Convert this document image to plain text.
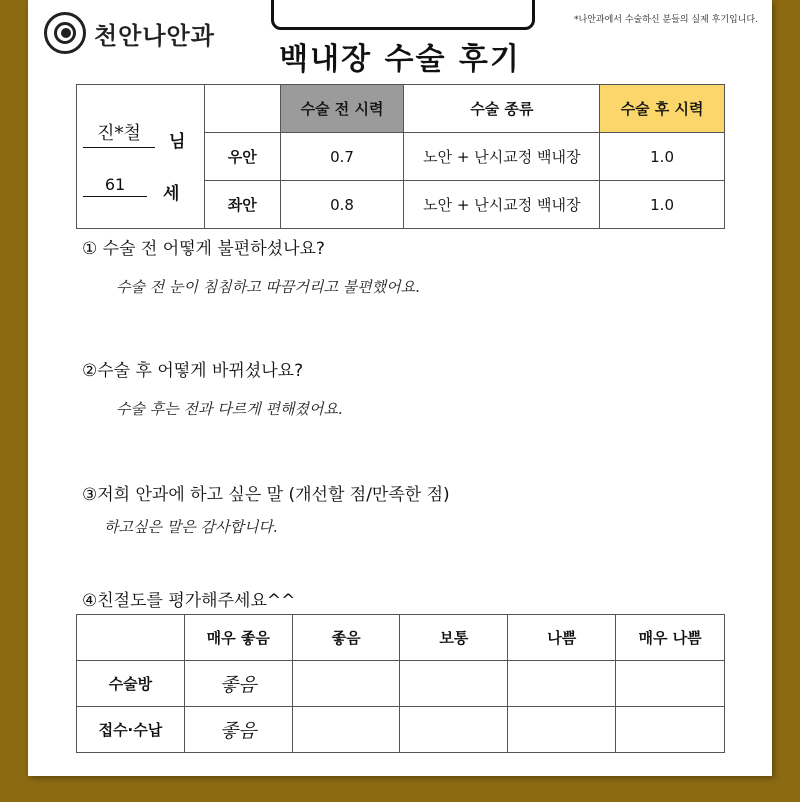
천안나안과
*나안과에서 수술하신 분들의 실제 후기입니다.
백내장 수술 후기
진*철 님
61 세		수술 전 시력	수술 종류	수술 후 시력
	우안	0.7	노안 + 난시교정 백내장	1.0
	좌안	0.8	노안 + 난시교정 백내장	1.0
① 수술 전 어떻게 불편하셨나요?
수술 전 눈이 침침하고 따끔거리고 불편했어요.
②수술 후 어떻게 바뀌셨나요?
수술 후는 전과 다르게 편해졌어요.
③저희 안과에 하고 싶은 말 (개선할 점/만족한 점)
하고싶은 말은 감사합니다.
④친절도를 평가해주세요^^
	매우 좋음	좋음	보통	나쁨	매우 나쁨
수술방	좋음				
접수·수납	좋음				
